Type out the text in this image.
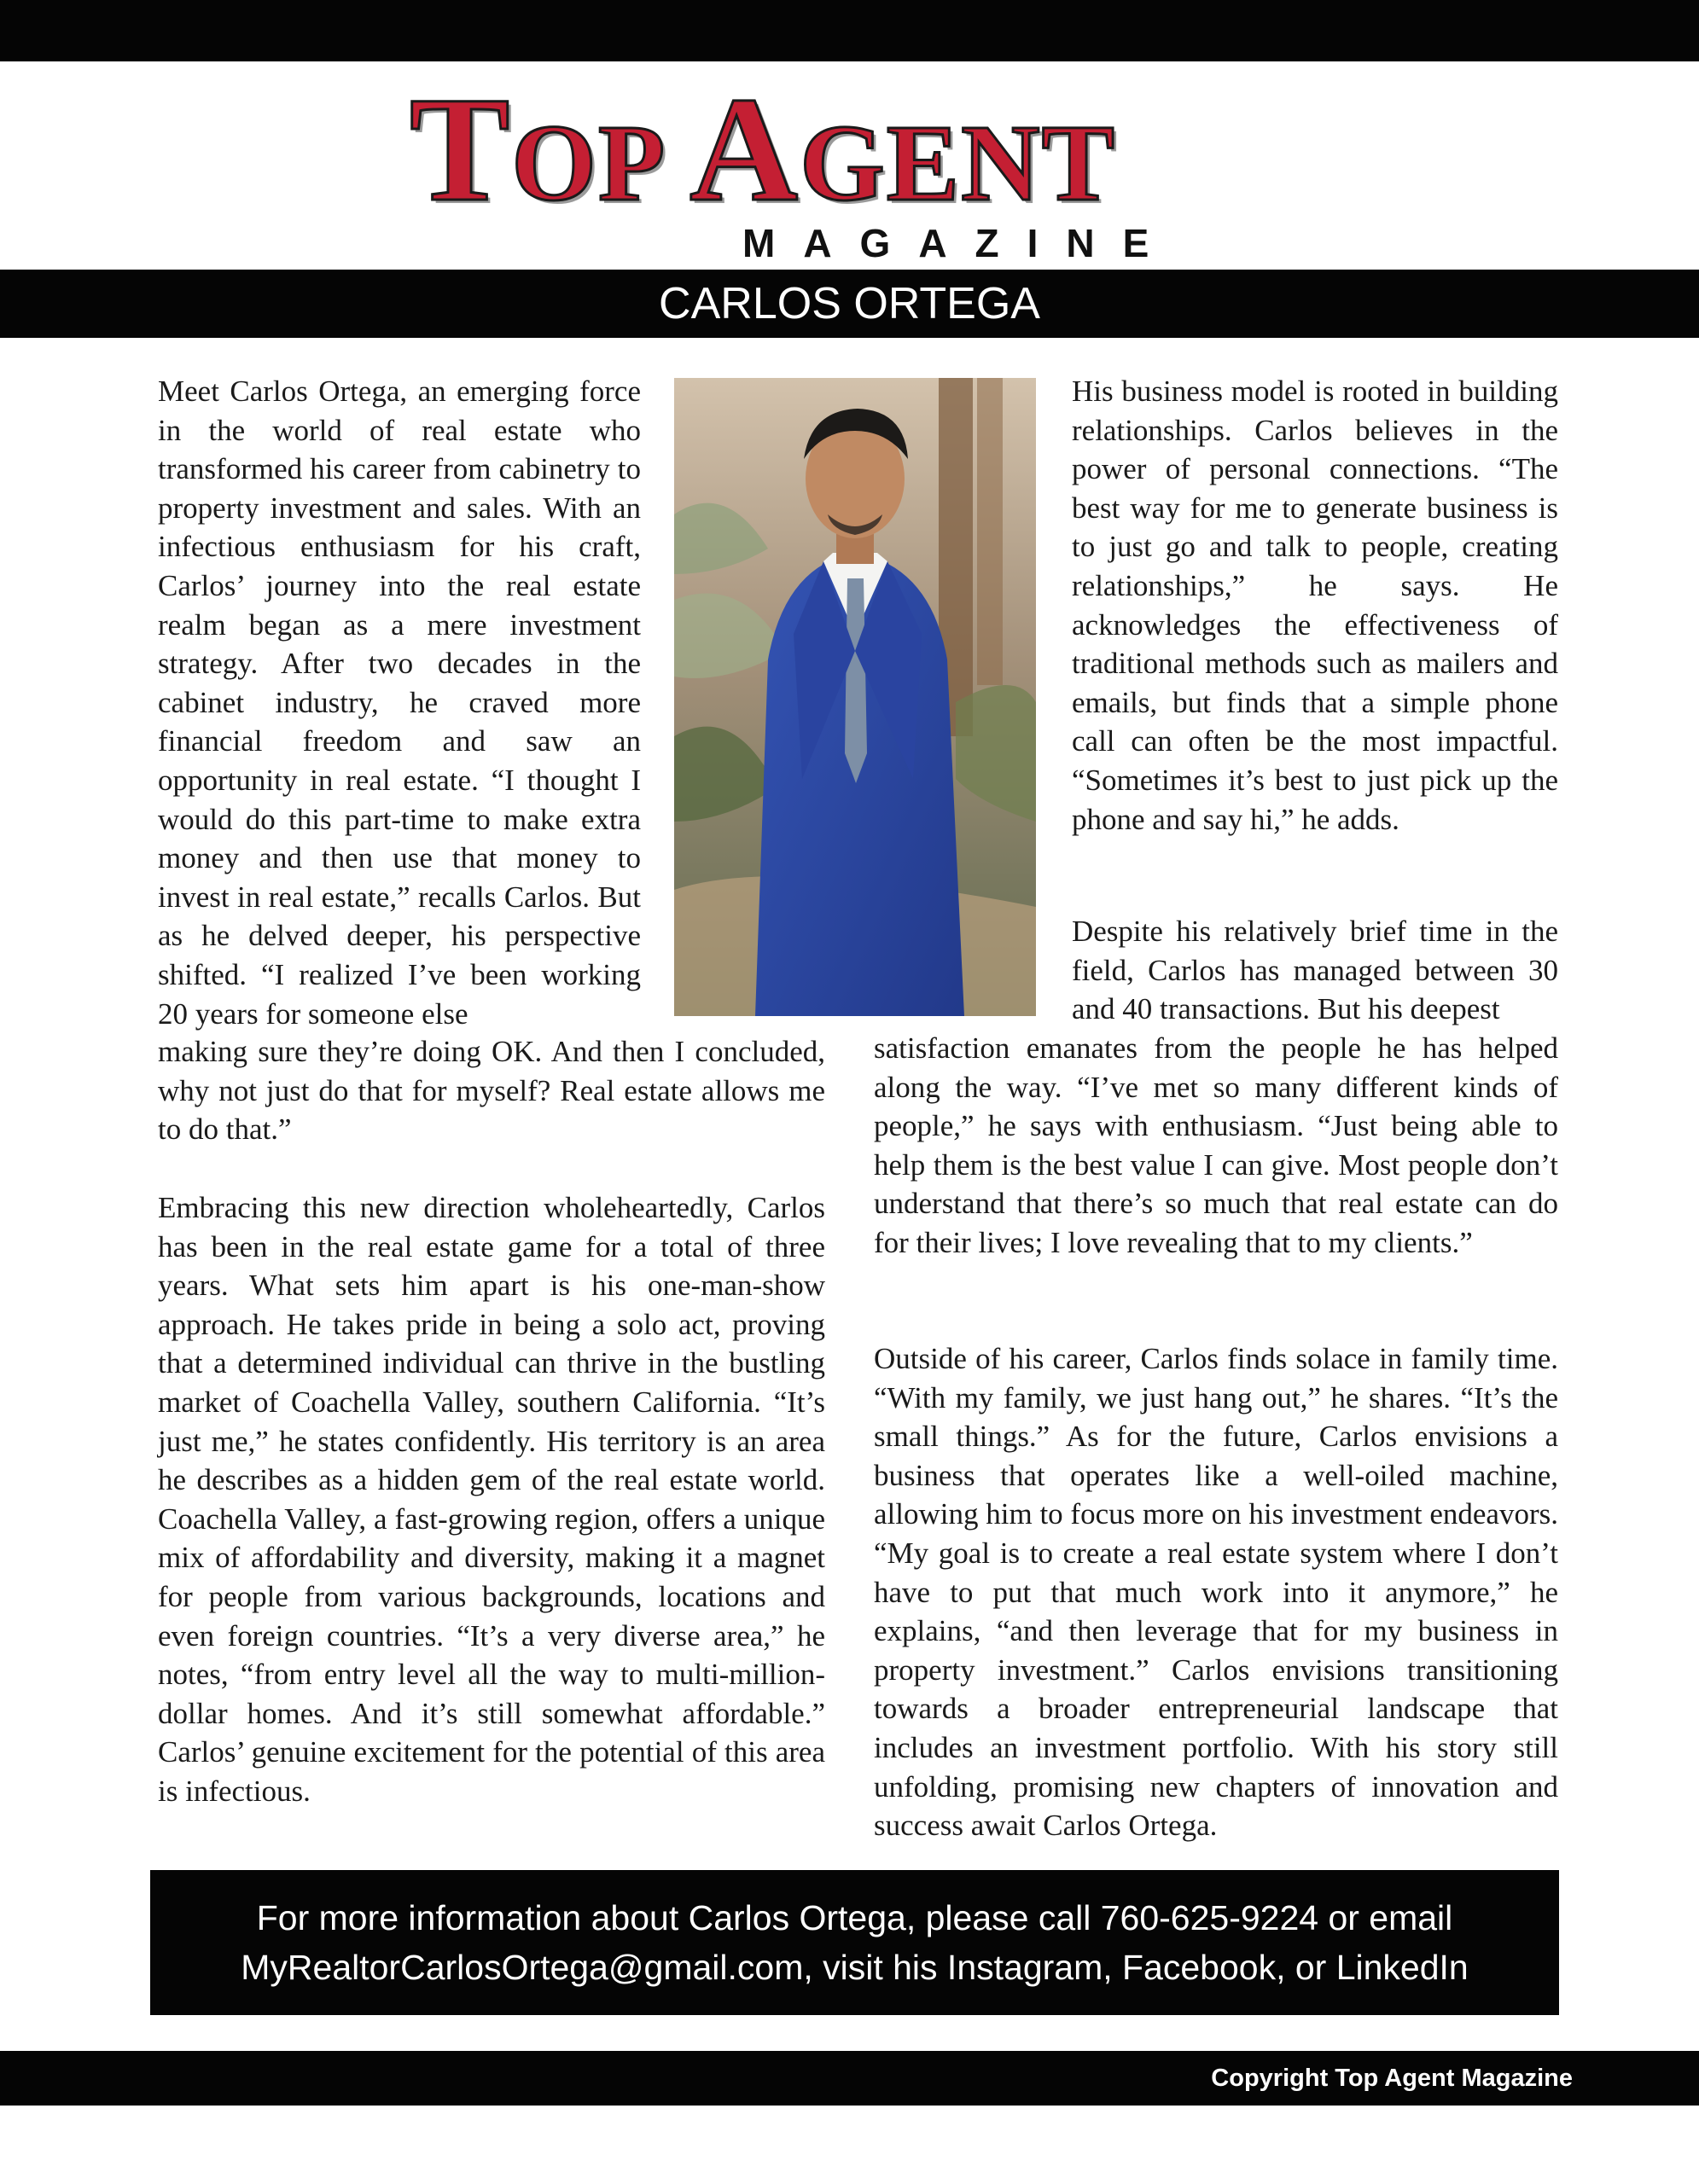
TOP AGENT
MAGAZINE
CARLOS ORTEGA

Meet Carlos Ortega, an emerging force in the world of real estate who transformed his career from cabinetry to property investment and sales. With an infectious enthusiasm for his craft, Carlos’ journey into the real estate realm began as a mere investment strategy. After two decades in the cabinet industry, he craved more financial freedom and saw an opportunity in real estate. “I thought I would do this part-time to make extra money and then use that money to invest in real estate,” recalls Carlos. But as he delved deeper, his perspective shifted. “I realized I’ve been working 20 years for someone else

making sure they’re doing OK. And then I concluded, why not just do that for myself? Real estate allows me to do that.”

Embracing this new direction wholeheartedly, Carlos has been in the real estate game for a total of three years. What sets him apart is his one-man-show approach. He takes pride in being a solo act, proving that a determined individual can thrive in the bustling market of Coachella Valley, southern California. “It’s just me,” he states confidently. His territory is an area he describes as a hidden gem of the real estate world. Coachella Valley, a fast-growing region, offers a unique mix of affordability and diversity, making it a magnet for people from various backgrounds, locations and even foreign countries. “It’s a very diverse area,” he notes, “from entry level all the way to multi-million-dollar homes. And it’s still somewhat affordable.” Carlos’ genuine excitement for the potential of this area is infectious.

His business model is rooted in building relationships. Carlos believes in the power of personal connections. “The best way for me to generate business is to just go and talk to people, creating relationships,” he says. He acknowledges the effectiveness of traditional methods such as mailers and emails, but finds that a simple phone call can often be the most impactful. “Sometimes it’s best to just pick up the phone and say hi,” he adds.

Despite his relatively brief time in the field, Carlos has managed between 30 and 40 transactions. But his deepest

satisfaction emanates from the people he has helped along the way. “I’ve met so many different kinds of people,” he says with enthusiasm. “Just being able to help them is the best value I can give. Most people don’t understand that there’s so much that real estate can do for their lives; I love revealing that to my clients.”

Outside of his career, Carlos finds solace in family time. “With my family, we just hang out,” he shares. “It’s the small things.” As for the future, Carlos envisions a business that operates like a well-oiled machine, allowing him to focus more on his investment endeavors. “My goal is to create a real estate system where I don’t have to put that much work into it anymore,” he explains, “and then leverage that for my business in property investment.” Carlos envisions transitioning towards a broader entrepreneurial landscape that includes an investment portfolio. With his story still unfolding, promising new chapters of innovation and success await Carlos Ortega.

For more information about Carlos Ortega, please call 760-625-9224 or email
MyRealtorCarlosOrtega@gmail.com, visit his Instagram, Facebook, or LinkedIn
Copyright Top Agent Magazine
